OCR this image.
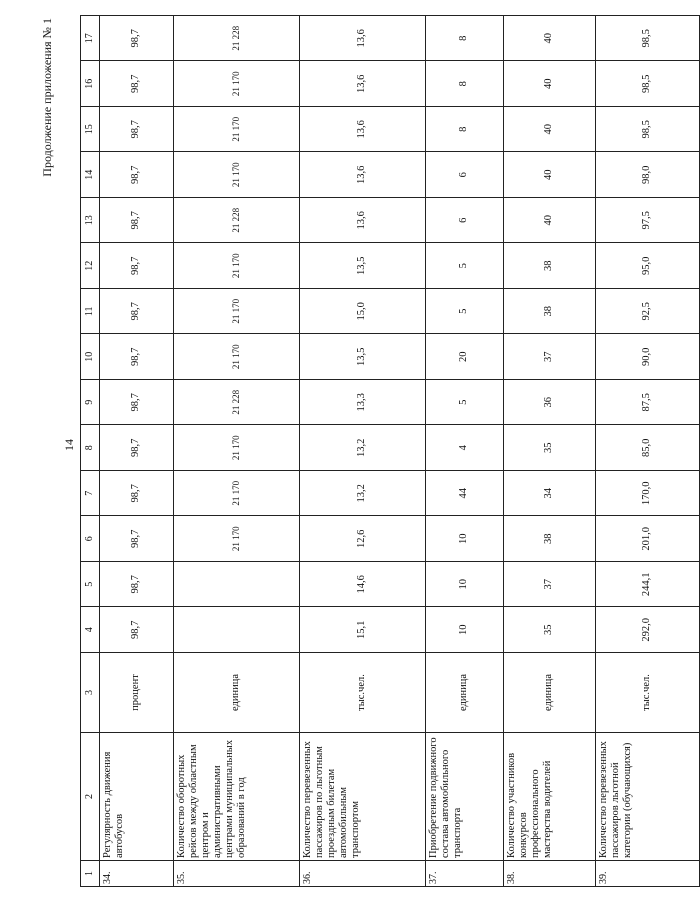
14
Продолжение приложения № 1
1	2	3	4	5	6	7	8	9	10	11	12	13	14	15	16	17
34.	Регулярность движения автобусов	процент	98,7	98,7	98,7	98,7	98,7	98,7	98,7	98,7	98,7	98,7	98,7	98,7	98,7	98,7
35.	Количество оборотных рейсов между областным центром и административными центрами муниципальных образований в год	единица			21 170	21 170	21 170	21 228	21 170	21 170	21 170	21 228	21 170	21 170	21 170	21 228
36.	Количество перевезенных пассажиров по льготным проездным билетам автомобильным транспортом	тыс.чел.	15,1	14,6	12,6	13,2	13,2	13,3	13,5	15,0	13,5	13,6	13,6	13,6	13,6	13,6
37.	Приобретение подвижного состава автомобильного транспорта	единица	10	10	10	44	4	5	20	5	5	6	6	8	8	8
38.	Количество участников конкурсов профессионального мастерства водителей	единица	35	37	38	34	35	36	37	38	38	40	40	40	40	40
39.	Количество перевезенных пассажиров льготной категории (обучающихся)	тыс.чел.	292,0	244,1	201,0	170,0	85,0	87,5	90,0	92,5	95,0	97,5	98,0	98,5	98,5	98,5
